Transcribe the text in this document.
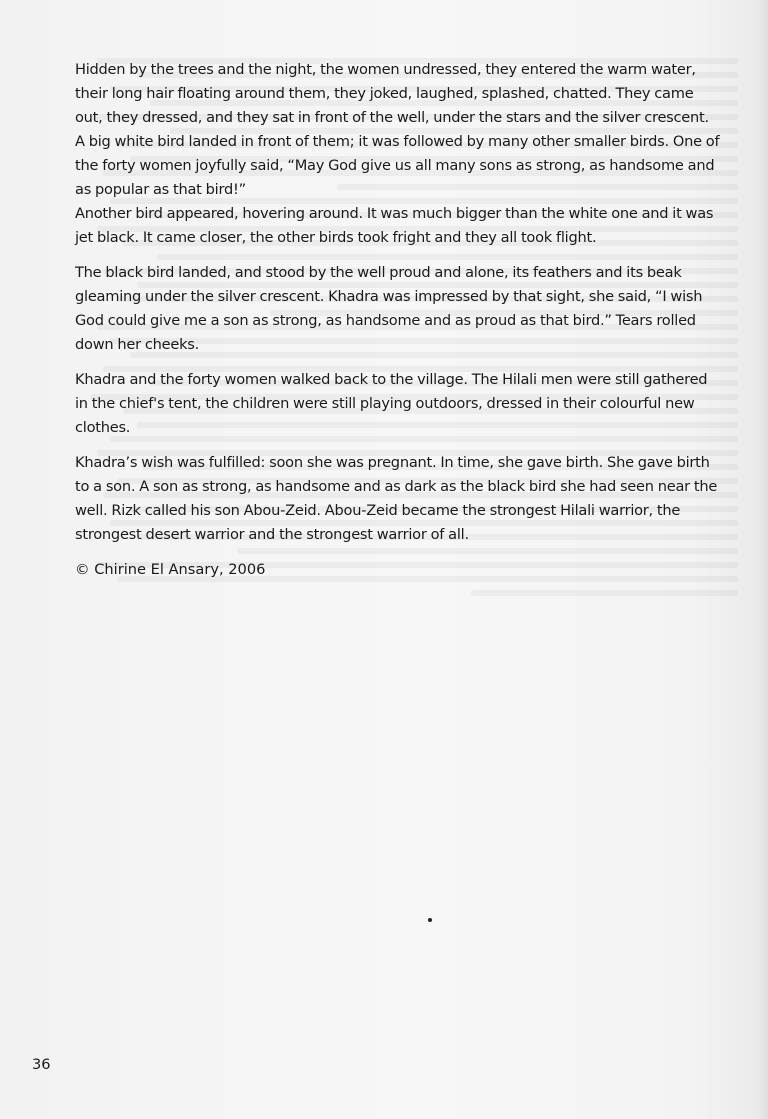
Hidden by the trees and the night, the women undressed, they entered the warm water, their long hair floating around them, they joked, laughed, splashed, chatted. They came out, they dressed, and they sat in front of the well, under the stars and the silver crescent.

A big white bird landed in front of them; it was followed by many other smaller birds. One of the forty women joyfully said, “May God give us all many sons as strong, as handsome and as popular as that bird!”

Another bird appeared, hovering around. It was much bigger than the white one and it was jet black. It came closer, the other birds took fright and they all took flight.

The black bird landed, and stood by the well proud and alone, its feathers and its beak gleaming under the silver crescent. Khadra was impressed by that sight, she said, “I wish God could give me a son as strong, as handsome and as proud as that bird.” Tears rolled down her cheeks.

Khadra and the forty women walked back to the village. The Hilali men were still gathered in the chief's tent, the children were still playing outdoors, dressed in their colourful new clothes.

Khadra’s wish was fulfilled: soon she was pregnant. In time, she gave birth. She gave birth to a son. A son as strong, as handsome and as dark as the black bird she had seen near the well. Rizk called his son Abou-Zeid. Abou-Zeid became the strongest Hilali warrior, the strongest desert warrior and the strongest warrior of all.

© Chirine El Ansary, 2006
36
